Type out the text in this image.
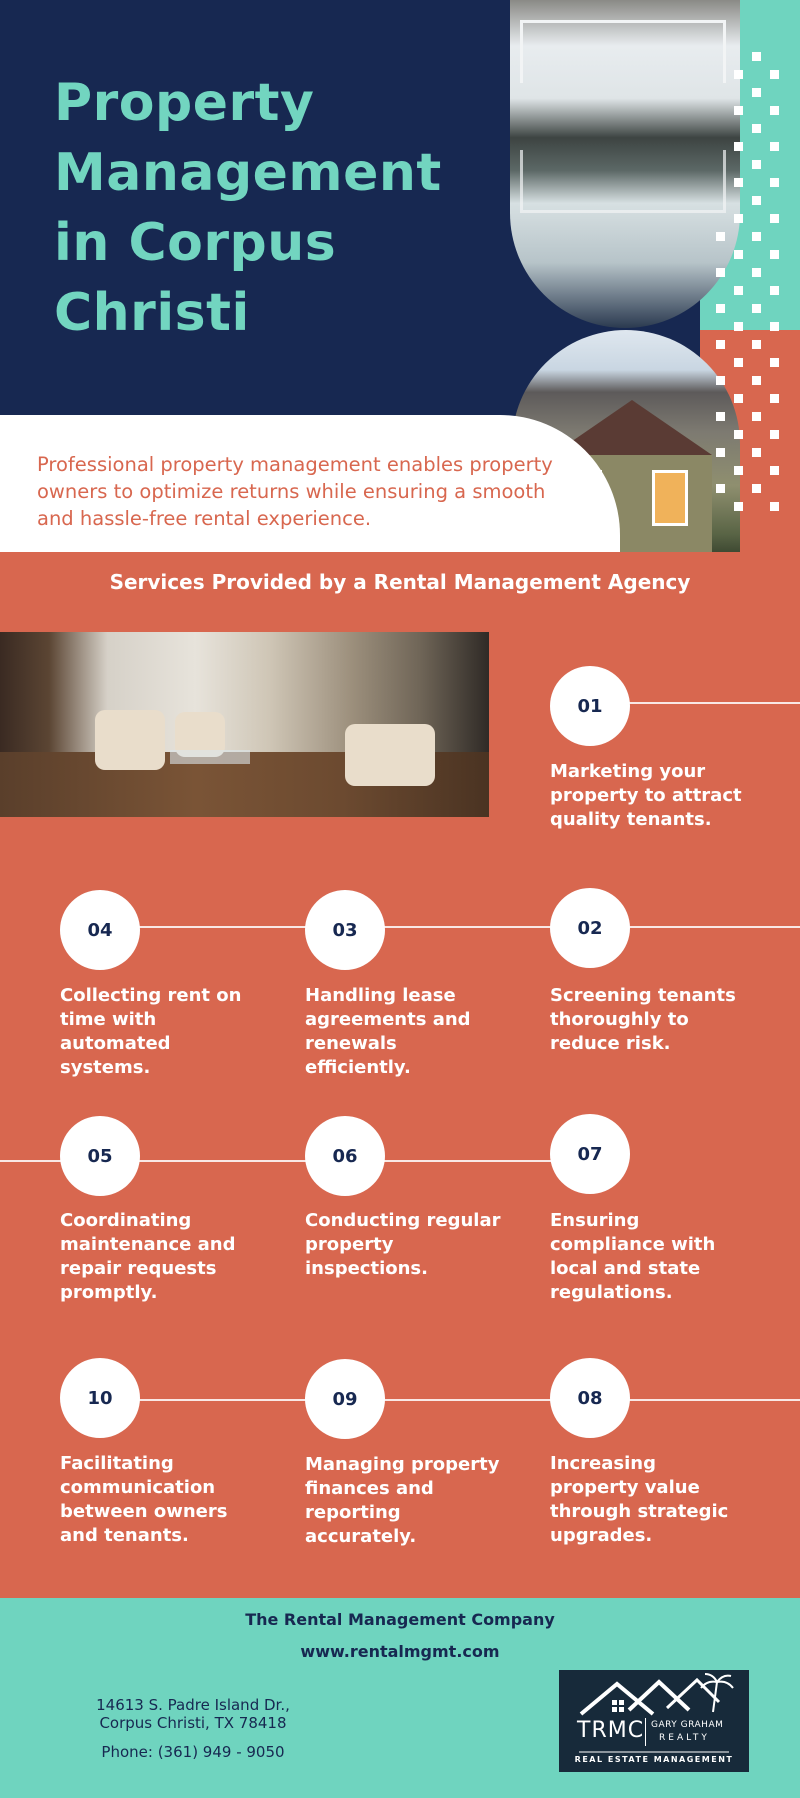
Property Management in Corpus Christi

Professional property management enables property owners to optimize returns while ensuring a smooth and hassle-free rental experience.

Services Provided by a Rental Management Agency
01

Marketing your property to attract quality tenants.

04

Collecting rent on time with automated systems.

03

Handling lease agreements and renewals efficiently.

02

Screening tenants thoroughly to reduce risk.

05

Coordinating maintenance and repair requests promptly.

06

Conducting regular property inspections.

07

Ensuring compliance with local and state regulations.

10

Facilitating communication between owners and tenants.

09

Managing property finances and reporting accurately.

08

Increasing property value through strategic upgrades.

The Rental Management Company

www.rentalmgmt.com

14613 S. Padre Island Dr.,
Corpus Christi, TX 78418

Phone: (361) 949 - 9050

TRMC GARY GRAHAM
REALTY
REAL ESTATE MANAGEMENT
